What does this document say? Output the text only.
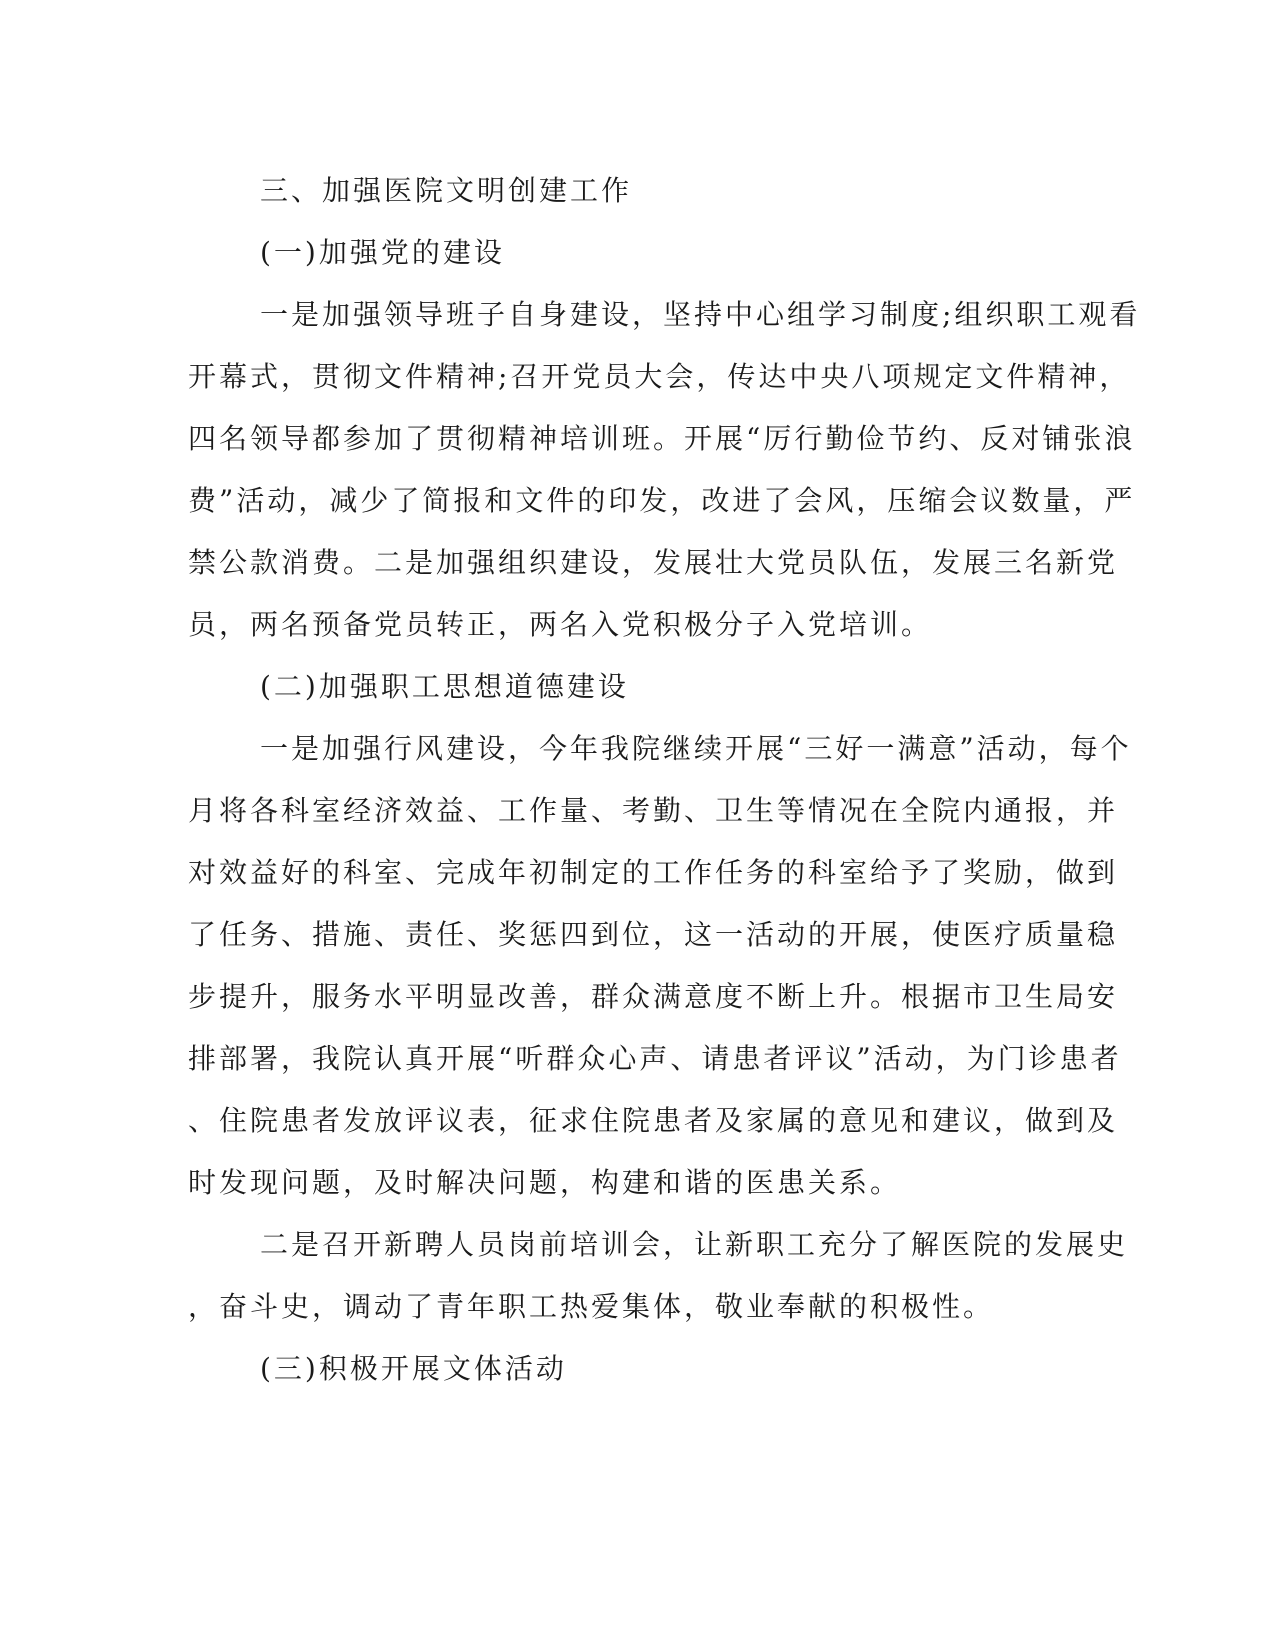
三、加强医院文明创建工作
(一)加强党的建设
一是加强领导班子自身建设，坚持中心组学习制度;组织职工观看
开幕式，贯彻文件精神;召开党员大会，传达中央八项规定文件精神，
四名领导都参加了贯彻精神培训班。开展“厉行勤俭节约、反对铺张浪
费”活动，减少了简报和文件的印发，改进了会风，压缩会议数量，严
禁公款消费。二是加强组织建设，发展壮大党员队伍，发展三名新党
员，两名预备党员转正，两名入党积极分子入党培训。
(二)加强职工思想道德建设
一是加强行风建设，今年我院继续开展“三好一满意”活动，每个
月将各科室经济效益、工作量、考勤、卫生等情况在全院内通报，并
对效益好的科室、完成年初制定的工作任务的科室给予了奖励，做到
了任务、措施、责任、奖惩四到位，这一活动的开展，使医疗质量稳
步提升，服务水平明显改善，群众满意度不断上升。根据市卫生局安
排部署，我院认真开展“听群众心声、请患者评议”活动，为门诊患者
、住院患者发放评议表，征求住院患者及家属的意见和建议，做到及
时发现问题，及时解决问题，构建和谐的医患关系。
二是召开新聘人员岗前培训会，让新职工充分了解医院的发展史
，奋斗史，调动了青年职工热爱集体，敬业奉献的积极性。
(三)积极开展文体活动
